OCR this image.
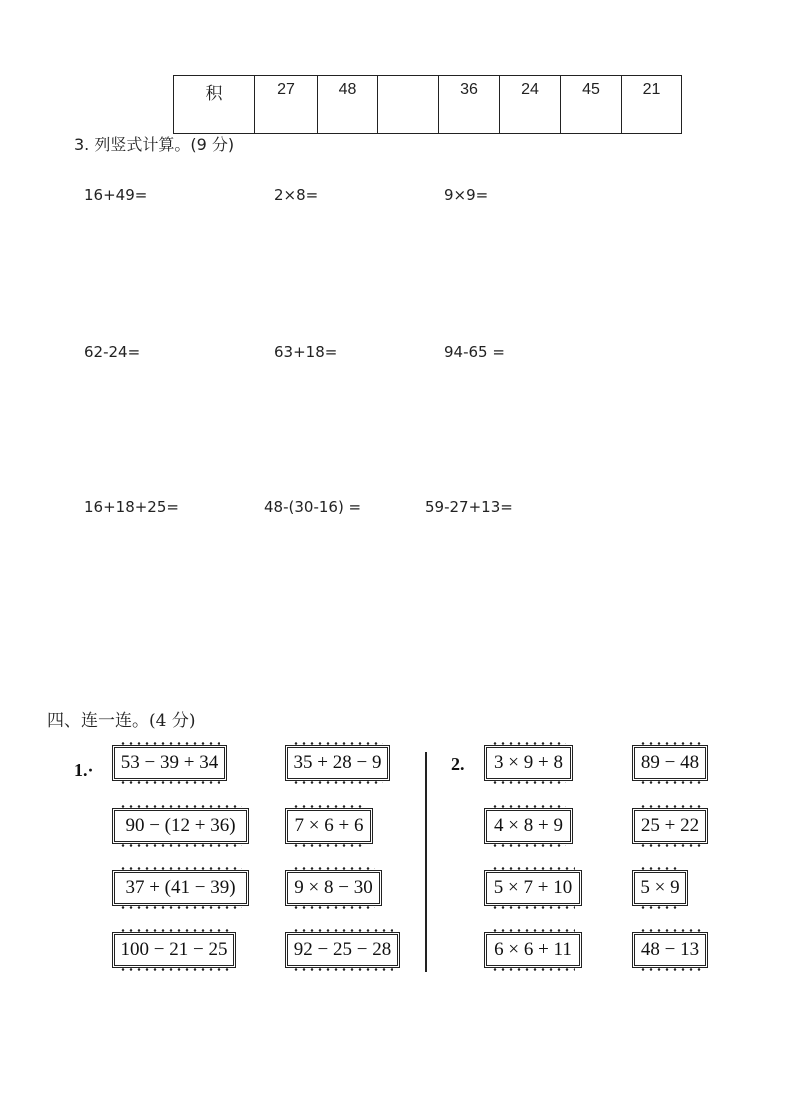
积	27	48		36	24	45	21
3. 列竖式计算。(9 分)
16+49=	2×8=	9×9=
62-24=	63+18=	94-65 =
16+18+25=	48-(30-16) =	59-27+13=
四、连一连。(4 分)
1.·	53 − 39 + 34
90 − (12 + 36)
37 + (41 − 39)
100 − 21 − 25
35 + 28 − 9
7 × 6 + 6
9 × 8 − 30
92 − 25 − 28
2.	3 × 9 + 8
4 × 8 + 9
5 × 7 + 10
6 × 6 + 11
89 − 48
25 + 22
5 × 9
48 − 13
